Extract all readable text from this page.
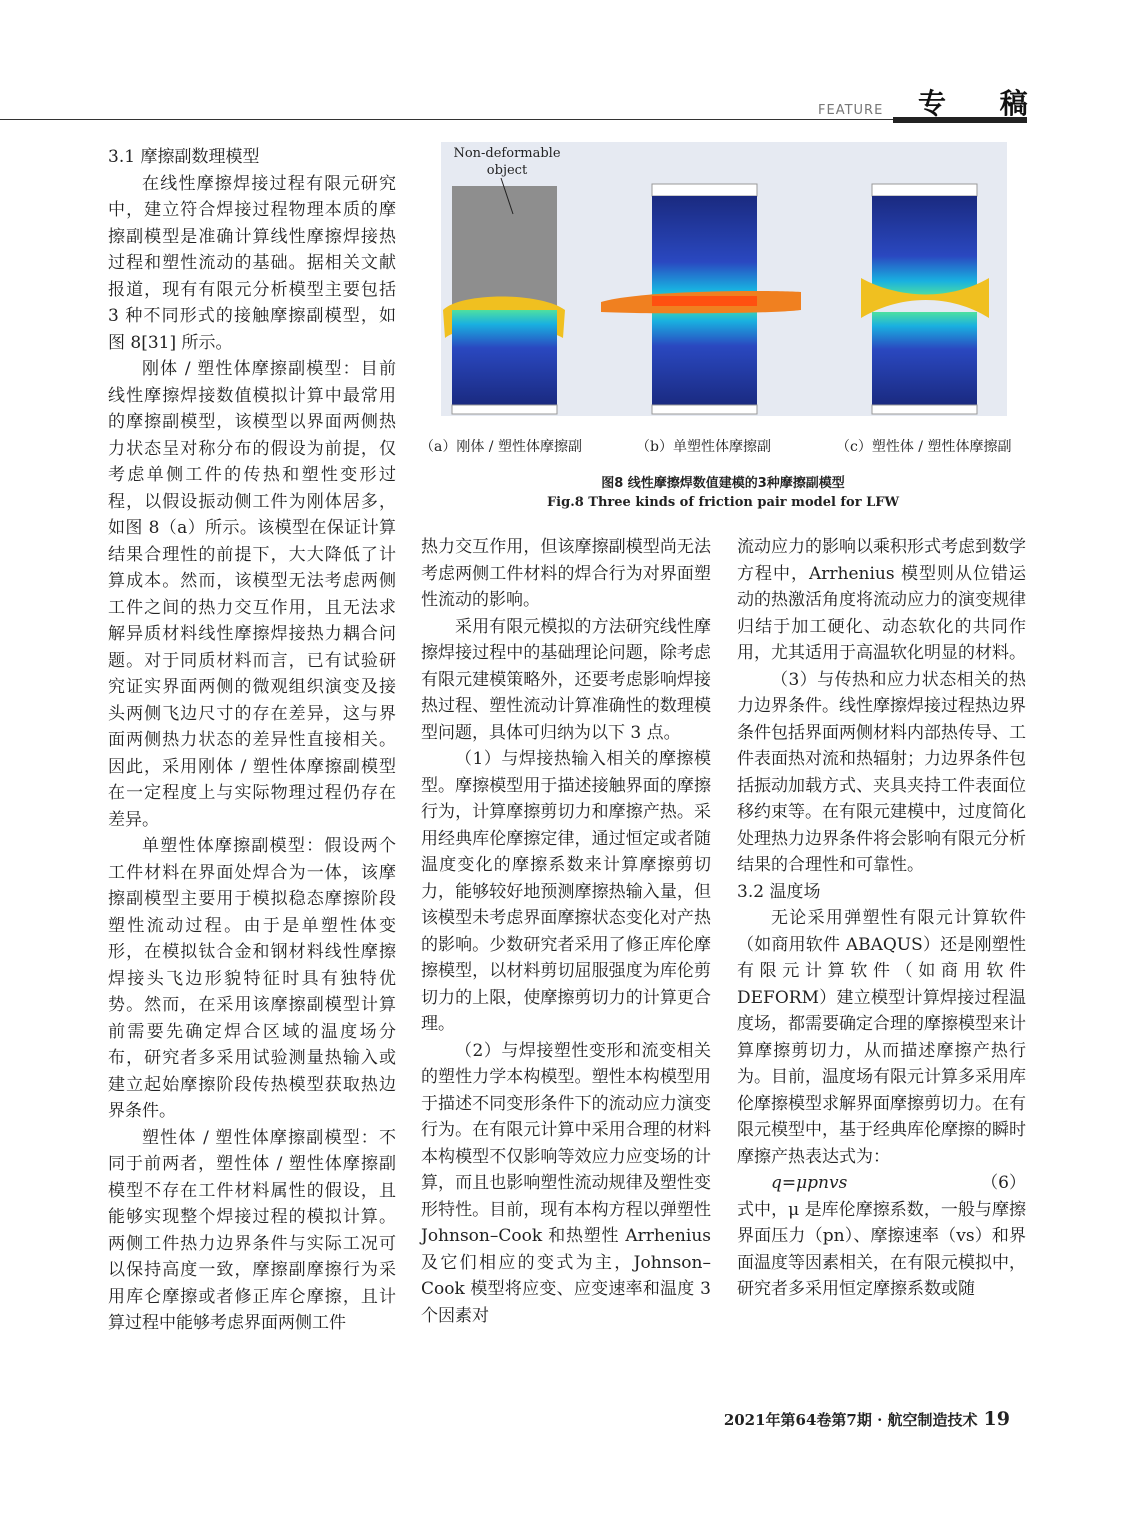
FEATURE 专 稿

3.1 摩擦副数理模型

在线性摩擦焊接过程有限元研究中，建立符合焊接过程物理本质的摩擦副模型是准确计算线性摩擦焊接热过程和塑性流动的基础。据相关文献报道，现有有限元分析模型主要包括 3 种不同形式的接触摩擦副模型，如图 8[31] 所示。

刚体 / 塑性体摩擦副模型：目前线性摩擦焊接数值模拟计算中最常用的摩擦副模型，该模型以界面两侧热力状态呈对称分布的假设为前提，仅考虑单侧工件的传热和塑性变形过程，以假设振动侧工件为刚体居多，如图 8（a）所示。该模型在保证计算结果合理性的前提下，大大降低了计算成本。然而，该模型无法考虑两侧工件之间的热力交互作用，且无法求解异质材料线性摩擦焊接热力耦合问题。对于同质材料而言，已有试验研究证实界面两侧的微观组织演变及接头两侧飞边尺寸的存在差异，这与界面两侧热力状态的差异性直接相关。因此，采用刚体 / 塑性体摩擦副模型在一定程度上与实际物理过程仍存在差异。

单塑性体摩擦副模型：假设两个工件材料在界面处焊合为一体，该摩擦副模型主要用于模拟稳态摩擦阶段塑性流动过程。由于是单塑性体变形，在模拟钛合金和钢材料线性摩擦焊接头飞边形貌特征时具有独特优势。然而，在采用该摩擦副模型计算前需要先确定焊合区域的温度场分布，研究者多采用试验测量热输入或建立起始摩擦阶段传热模型获取热边界条件。

塑性体 / 塑性体摩擦副模型：不同于前两者，塑性体 / 塑性体摩擦副模型不存在工件材料属性的假设，且能够实现整个焊接过程的模拟计算。两侧工件热力边界条件与实际工况可以保持高度一致，摩擦副摩擦行为采用库仑摩擦或者修正库仑摩擦，且计算过程中能够考虑界面两侧工件

Non-deformable
object
（a）刚体 / 塑性体摩擦副	（b）单塑性体摩擦副	（c）塑性体 / 塑性体摩擦副
图8 线性摩擦焊数值建模的3种摩擦副模型
Fig.8 Three kinds of friction pair model for LFW

热力交互作用，但该摩擦副模型尚无法考虑两侧工件材料的焊合行为对界面塑性流动的影响。

采用有限元模拟的方法研究线性摩擦焊接过程中的基础理论问题，除考虑有限元建模策略外，还要考虑影响焊接热过程、塑性流动计算准确性的数理模型问题，具体可归纳为以下 3 点。

（1）与焊接热输入相关的摩擦模型。摩擦模型用于描述接触界面的摩擦行为，计算摩擦剪切力和摩擦产热。采用经典库伦摩擦定律，通过恒定或者随温度变化的摩擦系数来计算摩擦剪切力，能够较好地预测摩擦热输入量，但该模型未考虑界面摩擦状态变化对产热的影响。少数研究者采用了修正库伦摩擦模型，以材料剪切屈服强度为库伦剪切力的上限，使摩擦剪切力的计算更合理。

（2）与焊接塑性变形和流变相关的塑性力学本构模型。塑性本构模型用于描述不同变形条件下的流动应力演变行为。在有限元计算中采用合理的材料本构模型不仅影响等效应力应变场的计算，而且也影响塑性流动规律及塑性变形特性。目前，现有本构方程以弹塑性 Johnson–Cook 和热塑性 Arrhenius 及它们相应的变式为主，Johnson–Cook 模型将应变、应变速率和温度 3 个因素对

流动应力的影响以乘积形式考虑到数学方程中，Arrhenius 模型则从位错运动的热激活角度将流动应力的演变规律归结于加工硬化、动态软化的共同作用，尤其适用于高温软化明显的材料。

（3）与传热和应力状态相关的热力边界条件。线性摩擦焊接过程热边界条件包括界面两侧材料内部热传导、工件表面热对流和热辐射；力边界条件包括振动加载方式、夹具夹持工件表面位移约束等。在有限元建模中，过度简化处理热力边界条件将会影响有限元分析结果的合理性和可靠性。

3.2 温度场

无论采用弹塑性有限元计算软件（如商用软件 ABAQUS）还是刚塑性有限元计算软件（如商用软件 DEFORM）建立模型计算焊接过程温度场，都需要确定合理的摩擦模型来计算摩擦剪切力，从而描述摩擦产热行为。目前，温度场有限元计算多采用库伦摩擦模型求解界面摩擦剪切力。在有限元模型中，基于经典库伦摩擦的瞬时摩擦产热表达式为：

q=μpnvs	（6）

式中，μ 是库伦摩擦系数，一般与摩擦界面压力（pn）、摩擦速率（vs）和界面温度等因素相关，在有限元模拟中，研究者多采用恒定摩擦系数或随

2021年第64卷第7期 · 航空制造技术 19
